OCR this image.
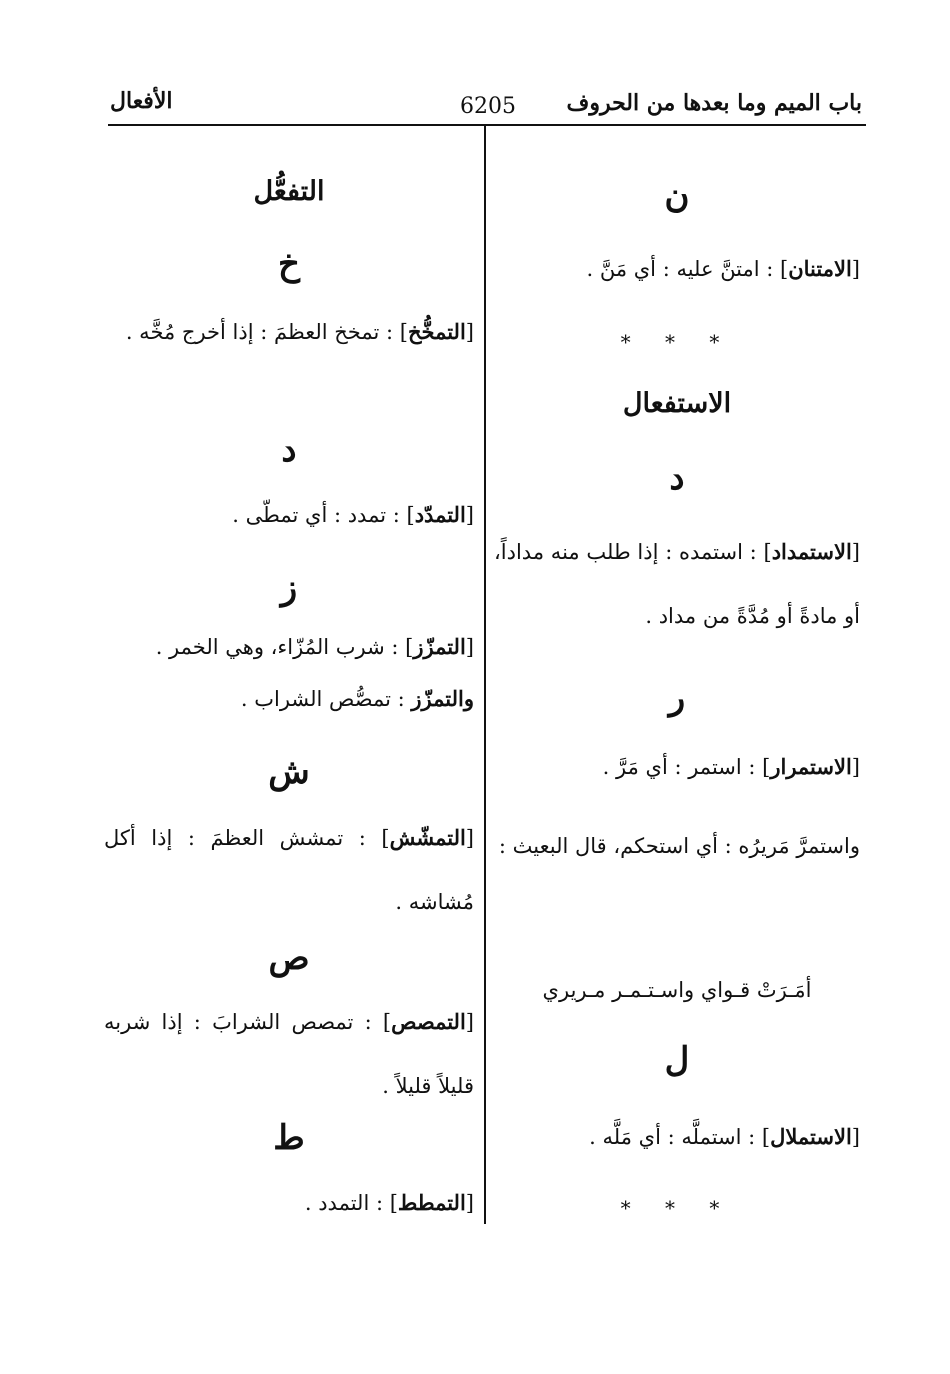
باب الميم وما بعدها من الحروف
6205
الأفعال
ن
[الامتنان] : امتنَّ عليه : أي مَنَّ .
* * *
الاستفعال
د
[الاستمداد] : استمده : إذا طلب منه مداداً، أو مادةً أو مُدَّةً من مداد .
ر
[الاستمرار] : استمر : أي مَرَّ .
واستمرَّ مَريرُه : أي استحكم، قال البعيث :
أمَـرَتْ قـواي واسـتـمـر مـريري
ل
[الاستملال] : استملَّه : أي مَلَّه .
* * *
التفعُّل
خ
[التمخُّخ] : تمخخ العظمَ : إذا أخرج مُخَّه .
د
[التمدّد] : تمدد : أي تمطّى .
ز
[التمزّز] : شرب المُزّاء، وهي الخمر .
والتمزّز : تمصُّص الشراب .
ش
[التمشّش] : تمشش العظمَ : إذا أكل مُشاشه .
ص
[التمصص] : تمصص الشرابَ : إذا شربه قليلاً قليلاً .
ط
[التمطط] : التمدد .
